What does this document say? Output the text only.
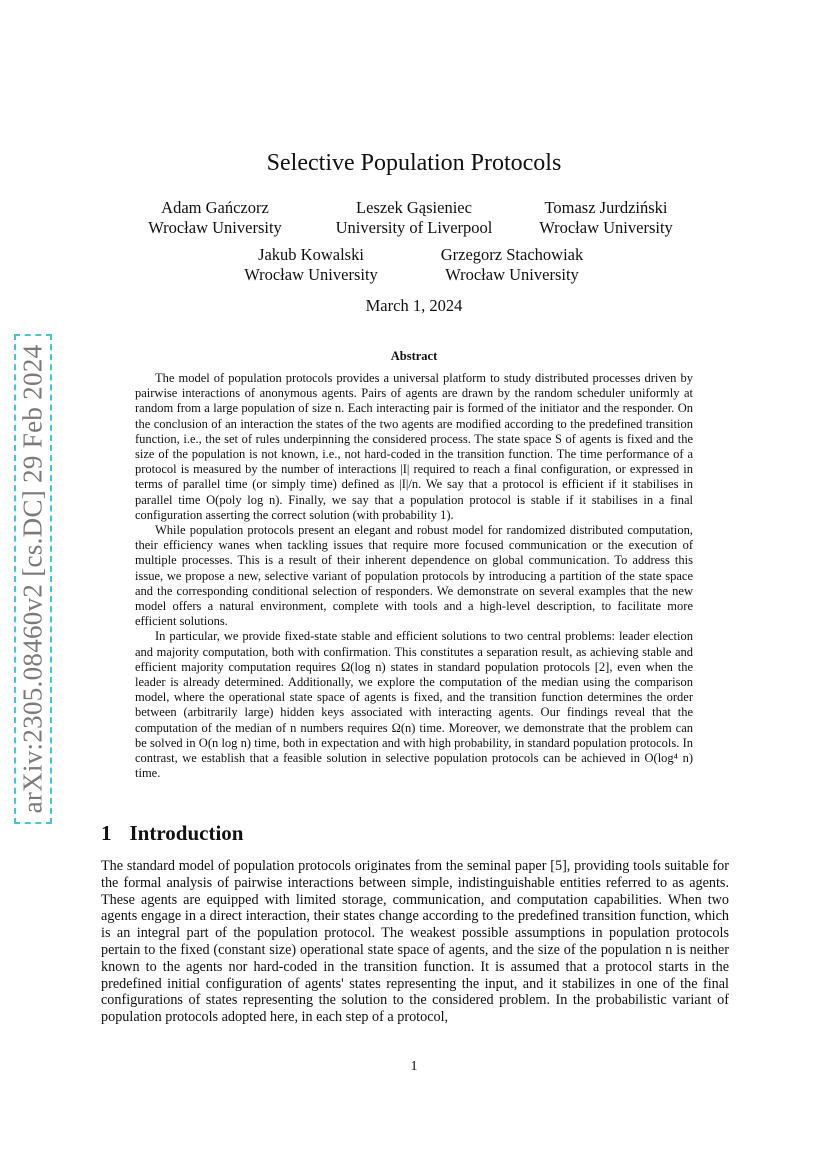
arXiv:2305.08460v2 [cs.DC] 29 Feb 2024
Selective Population Protocols
Adam Gańczorz
Wrocław University
Leszek Gąsieniec
University of Liverpool
Tomasz Jurdziński
Wrocław University
Jakub Kowalski
Wrocław University
Grzegorz Stachowiak
Wrocław University
March 1, 2024
Abstract

The model of population protocols provides a universal platform to study distributed processes driven by pairwise interactions of anonymous agents. Pairs of agents are drawn by the random scheduler uniformly at random from a large population of size n. Each interacting pair is formed of the initiator and the responder. On the conclusion of an interaction the states of the two agents are modified according to the predefined transition function, i.e., the set of rules underpinning the considered process. The state space S of agents is fixed and the size of the population is not known, i.e., not hard-coded in the transition function. The time performance of a protocol is measured by the number of interactions |I| required to reach a final configuration, or expressed in terms of parallel time (or simply time) defined as |I|/n. We say that a protocol is efficient if it stabilises in parallel time O(poly log n). Finally, we say that a population protocol is stable if it stabilises in a final configuration asserting the correct solution (with probability 1).

While population protocols present an elegant and robust model for randomized distributed computation, their efficiency wanes when tackling issues that require more focused communication or the execution of multiple processes. This is a result of their inherent dependence on global communication. To address this issue, we propose a new, selective variant of population protocols by introducing a partition of the state space and the corresponding conditional selection of responders. We demonstrate on several examples that the new model offers a natural environment, complete with tools and a high-level description, to facilitate more efficient solutions.

In particular, we provide fixed-state stable and efficient solutions to two central problems: leader election and majority computation, both with confirmation. This constitutes a separation result, as achieving stable and efficient majority computation requires Ω(log n) states in standard population protocols [2], even when the leader is already determined. Additionally, we explore the computation of the median using the comparison model, where the operational state space of agents is fixed, and the transition function determines the order between (arbitrarily large) hidden keys associated with interacting agents. Our findings reveal that the computation of the median of n numbers requires Ω(n) time. Moreover, we demonstrate that the problem can be solved in O(n log n) time, both in expectation and with high probability, in standard population protocols. In contrast, we establish that a feasible solution in selective population protocols can be achieved in O(log⁴ n) time.

1 Introduction

The standard model of population protocols originates from the seminal paper [5], providing tools suitable for the formal analysis of pairwise interactions between simple, indistinguishable entities referred to as agents. These agents are equipped with limited storage, communication, and computation capabilities. When two agents engage in a direct interaction, their states change according to the predefined transition function, which is an integral part of the population protocol. The weakest possible assumptions in population protocols pertain to the fixed (constant size) operational state space of agents, and the size of the population n is neither known to the agents nor hard-coded in the transition function. It is assumed that a protocol starts in the predefined initial configuration of agents' states representing the input, and it stabilizes in one of the final configurations of states representing the solution to the considered problem. In the probabilistic variant of population protocols adopted here, in each step of a protocol,

1
